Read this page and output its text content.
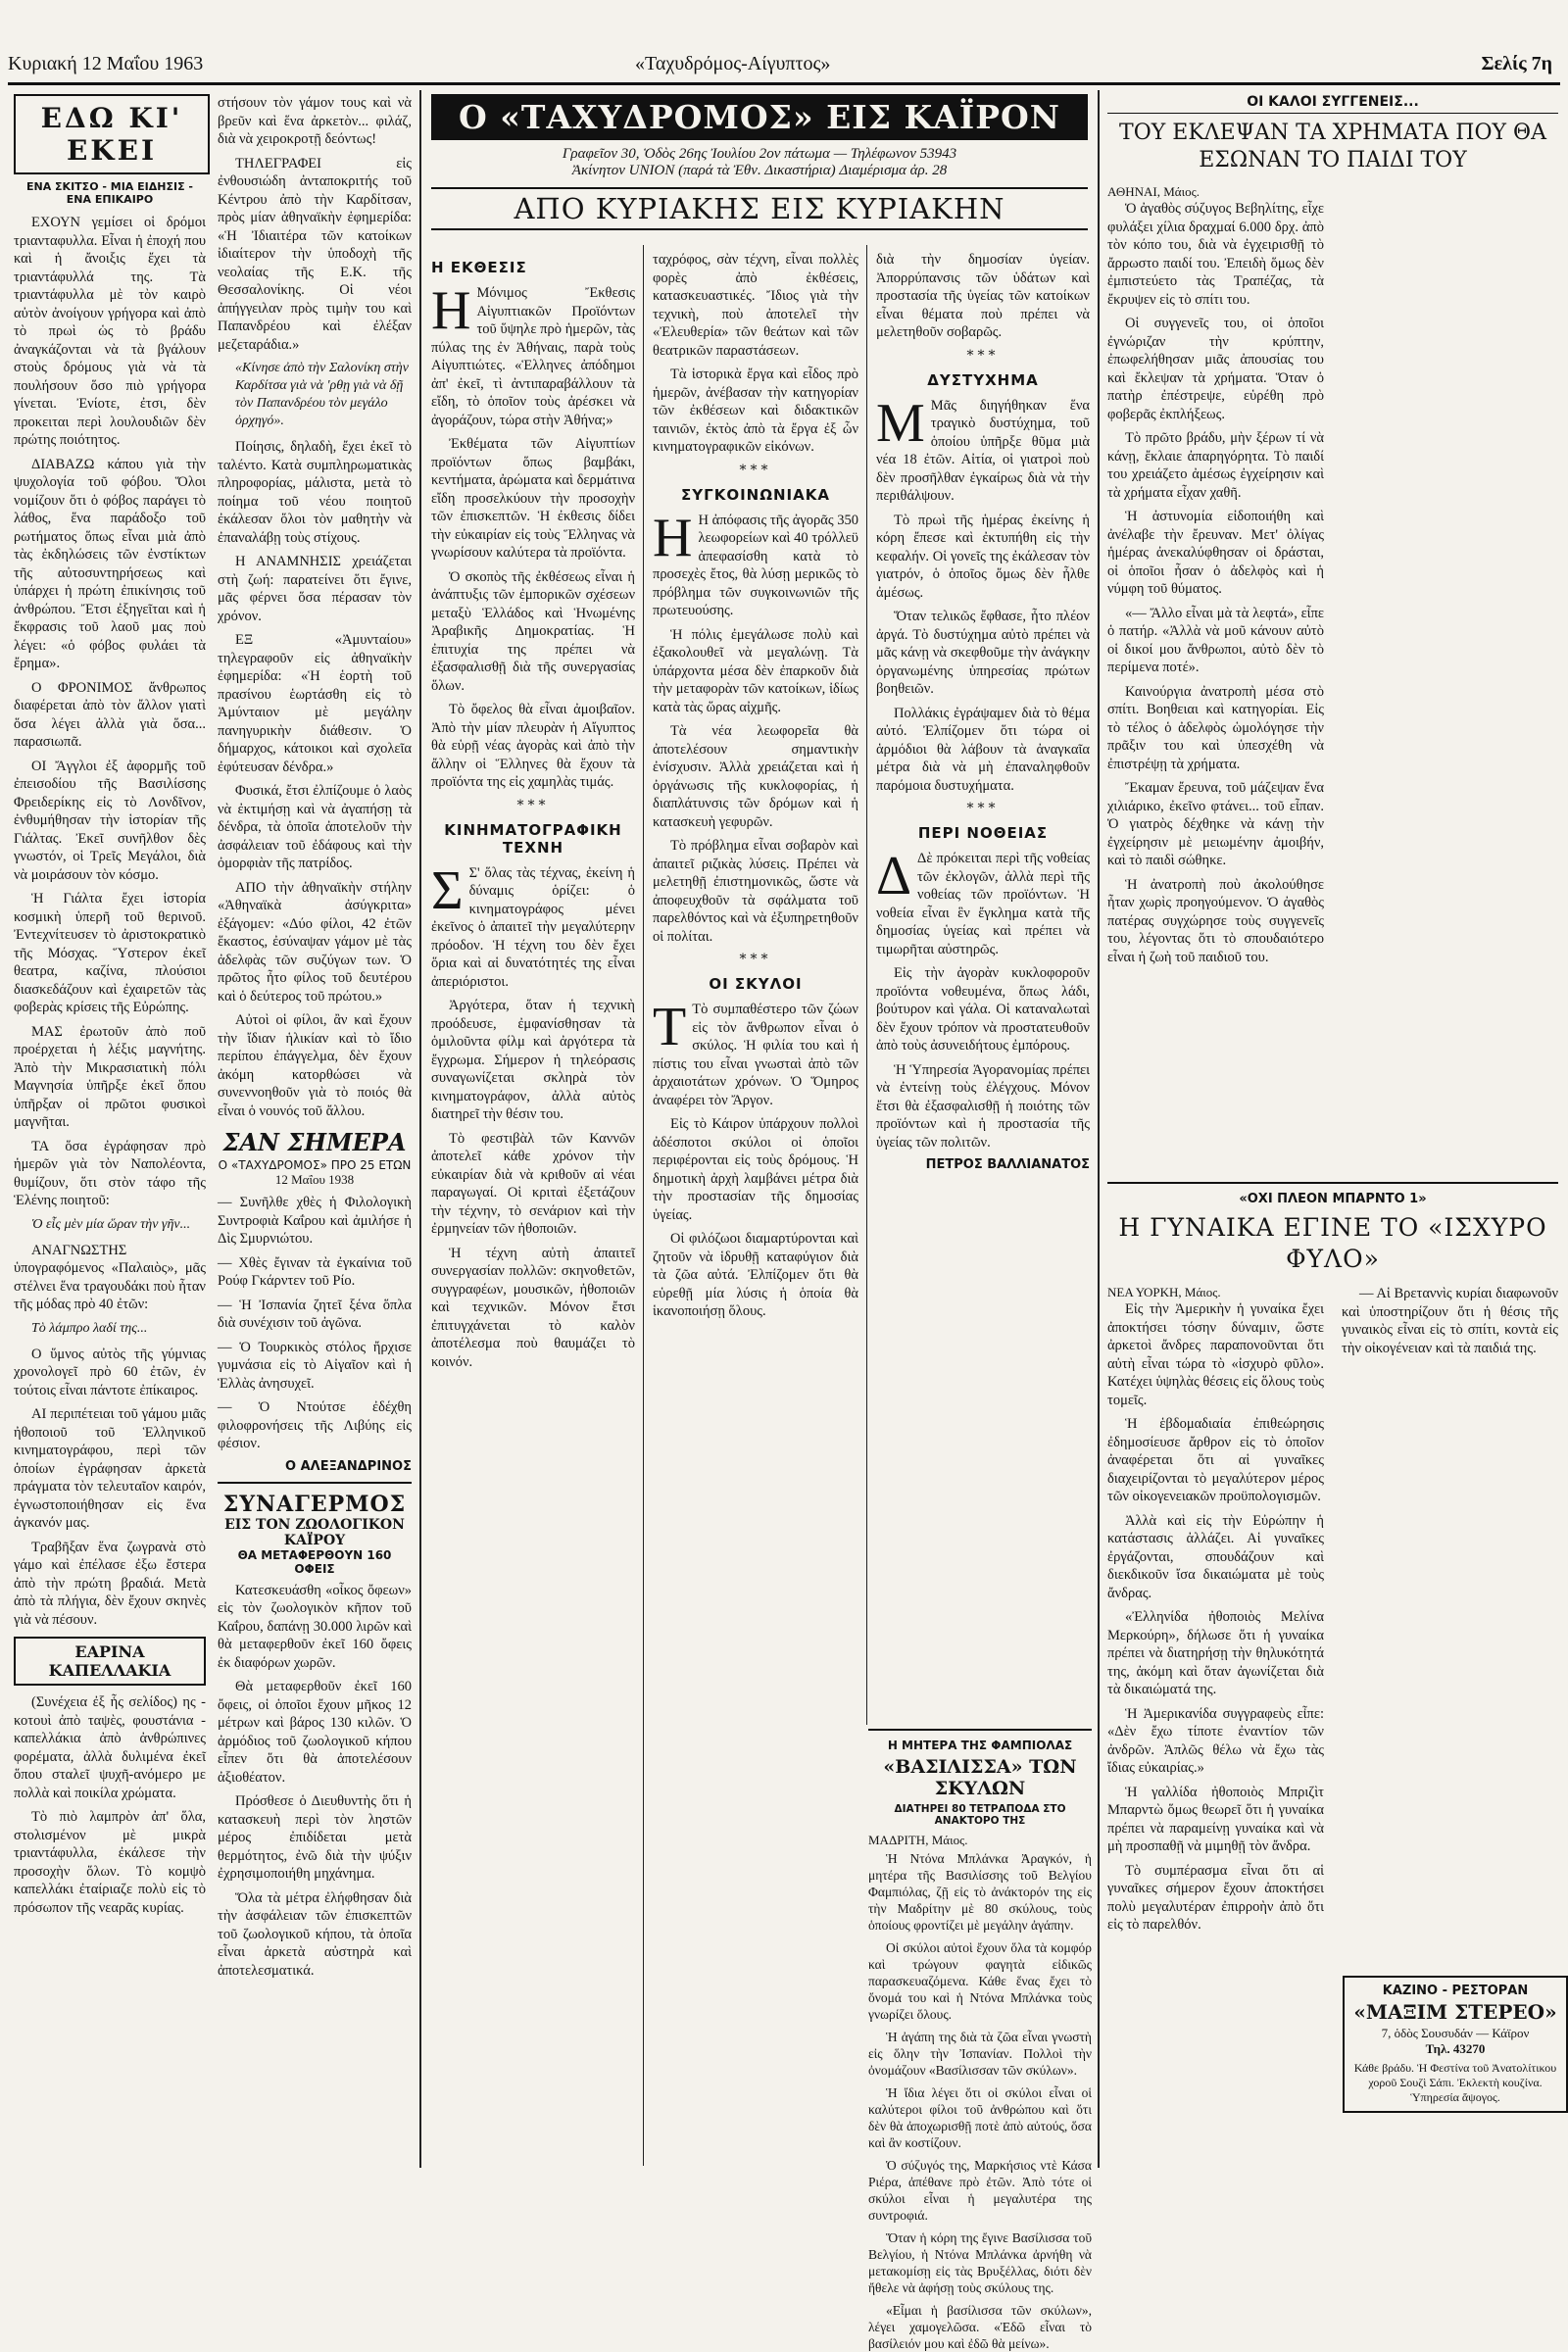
Κυριακή 12 Μαΐου 1963	«Ταχυδρόμος-Αίγυπτος»	Σελίς 7η
ΕΔΩ ΚΙ' ΕΚΕΙ
ΕΝΑ ΣΚΙΤΣΟ - ΜΙΑ ΕΙΔΗΣΙΣ - ΕΝΑ ΕΠΙΚΑΙΡΟ

ΕΧΟΥΝ γεμίσει οἱ δρόμοι τριανταφυλλα. Εἶναι ἡ ἐποχή που καὶ ἡ ἄνοιξις ἔχει τὰ τριαντάφυλλά της. Τὰ τριαντάφυλλα μὲ τὸν καιρὸ αὐτὸν ἀνοίγουν γρήγορα καὶ ἀπὸ τὸ πρωὶ ὡς τὸ βράδυ ἀναγκάζονται νὰ τὰ βγάλουν στοὺς δρόμους γιὰ νὰ τὰ πουλήσουν ὅσο πιὸ γρήγορα γίνεται. Ἐνίοτε, ἐτσι, δὲν προκειται περὶ λουλουδιῶν δὲν πρώτης ποιότητος.

ΔΙΑΒΑΖΩ κάπου γιὰ τὴν ψυχολογία τοῦ φόβου. Ὅλοι νομίζουν ὅτι ὁ φόβος παράγει τὸ λάθος, ἕνα παράδοξο τοῦ ρωτήματος ὅπως εἶναι μιὰ ἀπὸ τὰς ἐκδηλώσεις τῶν ἐνστίκτων τῆς αὐτοσυντηρήσεως καὶ ὑπάρχει ἡ πρώτη ἐπικίνησις τοῦ ἀνθρώπου. Ἔτσι ἐξηγεῖται καὶ ἡ ἔκφρασις τοῦ λαοῦ μας ποὺ λέγει: «ὁ φόβος φυλάει τὰ ἔρημα».

Ο ΦΡΟΝΙΜΟΣ ἄνθρωπος διαφέρεται ἀπὸ τὸν ἄλλον γιατὶ ὅσα λέγει ἀλλὰ γιὰ ὅσα... παρασιωπᾶ.

ΟΙ Ἄγγλοι ἐξ ἀφορμῆς τοῦ ἐπεισοδίου τῆς Βασιλίσσης Φρειδερίκης εἰς τὸ Λονδῖνον, ἐνθυμήθησαν τὴν ἱστορίαν τῆς Γιάλτας. Ἐκεῖ συνῆλθον δὲς γνωστόν, οἱ Τρεῖς Μεγάλοι, διὰ νὰ μοιράσουν τὸν κόσμο.

Ἡ Γιάλτα ἔχει ἱστορία κοσμικὴ ὑπερῆ τοῦ θερινοῦ. Ἐντεχνίτευσεν τὸ ἀριστοκρατικὸ τῆς Μόσχας. Ὕστερον ἐκεῖ θεατρα, καζίνα, πλούσιοι διασκεδάζουν καὶ ἐχαιρετῶν τὰς φοβερὰς κρίσεις τῆς Εὐρώπης.

ΜΑΣ ἐρωτοῦν ἀπὸ ποῦ προέρχεται ἡ λέξις μαγνήτης. Ἀπὸ τὴν Μικρασιατικὴ πόλι Μαγνησία ὑπῆρξε ἐκεῖ ὅπου ὑπῆρξαν οἱ πρῶτοι φυσικοὶ μαγνῆται.

ΤΑ ὅσα ἐγράφησαν πρὸ ἡμερῶν γιὰ τὸν Ναπολέοντα, θυμίζουν, ὅτι στὸν τάφο τῆς Ἑλένης ποιητοῦ:

Ὁ εἷς μὲν μία ὥραν τὴν γῆν...

ΑΝΑΓΝΩΣΤΗΣ ὑπογραφόμενος «Παλαιὸς», μᾶς στέλνει ἕνα τραγουδάκι ποὺ ἦταν τῆς μόδας πρὸ 40 ἐτῶν:

Τὸ λάμπρο λαδί της...

Ο ὕμνος αὐτὸς τῆς γύμνιας χρονολογεῖ πρὸ 60 ἐτῶν, ἐν τούτοις εἶναι πάντοτε ἐπίκαιρος.

ΑΙ περιπέτειαι τοῦ γάμου μιᾶς ἠθοποιοῦ τοῦ Ἑλληνικοῦ κινηματογράφου, περὶ τῶν ὁποίων ἐγράφησαν ἀρκετὰ πράγματα τὸν τελευταῖον καιρόν, ἐγνωστοποιήθησαν εἰς ἕνα ἀγκανόν μας.

Τραβῆξαν ἕνα ζωγρανὰ στὸ γάμο καὶ ἐπέλασε ἐξω ἔστερα ἀπὸ τὴν πρώτη βραδιά. Μετὰ ἀπὸ τὰ πλήγια, δὲν ἔχουν σκηνὲς γιὰ νὰ πέσουν.

ΕΑΡΙΝΑ ΚΑΠΕΛΛΑΚΙΑ

(Συνέχεια ἐξ ἧς σελίδος) ης - κοτουὶ ἀπὸ ταψὲς, φουστάνια - καπελλάκια ἀπὸ ἀνθρώπινες φορέματα, ἀλλὰ δυλιμένα ἐκεῖ ὅπου σταλεῖ ψυχῆ-ανόμερο με πολλὰ καὶ ποικίλα χρώματα.

Τὸ πιὸ λαμπρὸν ἀπ' ὅλα, στολισμένον μὲ μικρὰ τριαντάφυλλα, ἐκάλεσε τὴν προσοχὴν ὅλων. Τὸ κομψὸ καπελλάκι ἐταίριαζε πολὺ εἰς τὸ πρόσωπον τῆς νεαρᾶς κυρίας.

στήσουν τὸν γάμον τους καὶ νὰ βρεῦν καὶ ἕνα ἀρκετὸν... φιλάζ, διὰ νὰ χειροκροτῇ δεόντως!

ΤΗΛΕΓΡΑΦΕΙ εἰς ἐνθουσιώδη ἀνταποκριτής τοῦ Κέντρου ἀπὸ τὴν Καρδίτσαν, πρὸς μίαν ἀθηναϊκὴν ἐφημερίδα: «Ἡ Ἰδιαιτέρα τῶν κατοίκων ἰδιαίτερον τὴν ὑποδοχὴ τῆς νεολαίας τῆς Ε.Κ. τῆς Θεσσαλονίκης. Οἱ νέοι ἀπήγγειλαν πρὸς τιμὴν του καὶ Παπανδρέου καὶ ἐλέξαν μεζεταράδια.»

«Κίνησε ἀπὸ τὴν Σαλονίκη στὴν Καρδίτσα γιὰ νὰ 'ρθῃ γιὰ νὰ δῇ τὸν Παπανδρέου τὸν μεγάλο ὀρχηγό».

Ποίησις, δηλαδὴ, ἔχει ἐκεῖ τὸ ταλέντο. Κατὰ συμπληρωματικὰς πληροφορίας, μάλιστα, μετὰ τὸ ποίημα τοῦ νέου ποιητοῦ ἐκάλεσαν ὅλοι τὸν μαθητὴν νὰ ἐπαναλάβῃ τοὺς στίχους.

Η ΑΝΑΜΝΗΣΙΣ χρειάζεται στὴ ζωή: παρατείνει ὅτι ἔγινε, μᾶς φέρνει ὅσα πέρασαν τὸν χρόνον.

ΕΞ «Ἀμυνταίου» τηλεγραφοῦν εἰς ἀθηναϊκὴν ἐφημερίδα: «Ἡ ἑορτὴ τοῦ πρασίνου ἑωρτάσθη εἰς τὸ Ἀμύνταιον μὲ μεγάλην πανηγυρικὴν διάθεσιν. Ὁ δήμαρχος, κάτοικοι καὶ σχολεῖα ἐφύτευσαν δένδρα.»

Φυσικά, ἔτσι ἐλπίζουμε ὁ λαὸς νὰ ἐκτιμήσῃ καὶ νὰ ἀγαπήσῃ τὰ δένδρα, τὰ ὁποῖα ἀποτελοῦν τὴν ἀσφάλειαν τοῦ ἐδάφους καὶ τὴν ὀμορφιὰν τῆς πατρίδος.

ΑΠΟ τὴν ἀθηναϊκὴν στήλην «Ἀθηναϊκὰ ἀσύγκριτα» ἐξάγομεν: «Δύο φίλοι, 42 ἐτῶν ἕκαστος, ἐσύναψαν γάμον μὲ τὰς ἀδελφὰς τῶν συζύγων των. Ὁ πρῶτος ἦτο φίλος τοῦ δευτέρου καὶ ὁ δεύτερος τοῦ πρώτου.»

Αὐτοὶ οἱ φίλοι, ἂν καὶ ἔχουν τὴν ἴδιαν ἡλικίαν καὶ τὸ ἴδιο περίπου ἐπάγγελμα, δὲν ἔχουν ἀκόμη κατορθώσει νὰ συνεννοηθοῦν γιὰ τὸ ποιός θὰ εἶναι ὁ νουνός τοῦ ἄλλου.

ΣΑΝ ΣΗΜΕΡΑ
Ο «ΤΑΧΥΔΡΟΜΟΣ» ΠΡΟ 25 ΕΤΩΝ
12 Μαΐου 1938

— Συνῆλθε χθὲς ἡ Φιλολογικὴ Συντροφιὰ Καΐρου καὶ ἀμιλήσε ἡ Δὶς Σμυρνιώτου.

— Χθὲς ἔγιναν τὰ ἐγκαίνια τοῦ Ρούφ Γκάρντεν τοῦ Ρίο.

— Ἡ Ἰσπανία ζητεῖ ξένα ὅπλα διὰ συνέχισιν τοῦ ἀγῶνα.

— Ὁ Τουρκικὸς στόλος ἤρχισε γυμνάσια εἰς τὸ Αἰγαῖον καὶ ἡ Ἑλλὰς ἀνησυχεῖ.

— Ὁ Ντούτσε ἐδέχθη φιλοφρονήσεις τῆς Λιβύης εἰς φέσιον.

Ο ΑΛΕΞΑΝΔΡΙΝΟΣ
ΣΥΝΑΓΕΡΜΟΣ
ΕΙΣ ΤΟΝ ΖΩΟΛΟΓΙΚΟΝ ΚΑΪΡΟΥ
ΘΑ ΜΕΤΑΦΕΡΘΟΥΝ 160 ΟΦΕΙΣ

Κατεσκευάσθη «οἶκος ὄφεων» εἰς τὸν ζωολογικὸν κῆπον τοῦ Καΐρου, δαπάνῃ 30.000 λιρῶν καὶ θὰ μεταφερθοῦν ἐκεῖ 160 ὄφεις ἐκ διαφόρων χωρῶν.

Θὰ μεταφερθοῦν ἐκεῖ 160 ὄφεις, οἱ ὁποῖοι ἔχουν μῆκος 12 μέτρων καὶ βάρος 130 κιλῶν. Ὁ ἀρμόδιος τοῦ ζωολογικοῦ κήπου εἶπεν ὅτι θὰ ἀποτελέσουν ἀξιοθέατον.

Πρόσθεσε ὁ Διευθυντὴς ὅτι ἡ κατασκευὴ περὶ τὸν ληστῶν μέρος ἐπιδίδεται μετὰ θερμότητος, ἐνῶ διὰ τὴν ψύξιν ἐχρησιμοποιήθη μηχάνημα.

Ὅλα τὰ μέτρα ἐλήφθησαν διὰ τὴν ἀσφάλειαν τῶν ἐπισκεπτῶν τοῦ ζωολογικοῦ κήπου, τὰ ὁποῖα εἶναι ἀρκετὰ αὐστηρὰ καὶ ἀποτελεσματικά.

Ο «ΤΑΧΥΔΡΟΜΟΣ» ΕΙΣ ΚΑΪΡΟΝ
Γραφεῖον 30, Ὁδὸς 26ης Ἰουλίου 2ον πάτωμα — Τηλέφωνον 53943
Ἀκίνητον UNION (παρά τὰ Ἐθν. Δικαστήρια) Διαμέρισμα ἀρ. 28
ΑΠΟ ΚΥΡΙΑΚΗΣ ΕΙΣ ΚΥΡΙΑΚΗΝ
Η ΕΚΘΕΣΙΣ

Η Μόνιμος Ἔκθεσις Αἰγυπτιακῶν Προϊόντων τοῦ ὕψηλε πρὸ ἡμερῶν, τὰς πύλας της ἐν Ἀθήναις, παρὰ τοὺς Αἰγυπτιώτες. «Ἑλληνες ἀπόδημοι ἀπ' ἐκεῖ, τὶ ἀντιπαραβάλλουν τὰ εἴδη, τὸ ὁποῖον τοὺς ἀρέσκει νὰ ἀγοράζουν, τώρα στὴν Ἀθήνα;»

Ἐκθέματα τῶν Αἰγυπτίων προϊόντων ὅπως βαμβάκι, κεντήματα, ἀρώματα καὶ δερμάτινα εἴδη προσελκύουν τὴν προσοχὴν τῶν ἐπισκεπτῶν. Ἡ ἐκθεσις δίδει τὴν εὐκαιρίαν εἰς τοὺς Ἕλληνας νὰ γνωρίσουν καλύτερα τὰ προϊόντα.

Ὁ σκοπὸς τῆς ἐκθέσεως εἶναι ἡ ἀνάπτυξις τῶν ἐμπορικῶν σχέσεων μεταξὺ Ἑλλάδος καὶ Ἡνωμένης Ἀραβικῆς Δημοκρατίας. Ἡ ἐπιτυχία της πρέπει νὰ ἐξασφαλισθῇ διὰ τῆς συνεργασίας ὅλων.

Τὸ ὄφελος θὰ εἶναι ἀμοιβαῖον. Ἀπὸ τὴν μίαν πλευρὰν ἡ Αἴγυπτος θὰ εὑρῇ νέας ἀγορὰς καὶ ἀπὸ τὴν ἄλλην οἱ Ἕλληνες θὰ ἔχουν τὰ προϊόντα της εἰς χαμηλὰς τιμάς.

***
ΚΙΝΗΜΑΤΟΓΡΑΦΙΚΗ ΤΕΧΝΗ

Σ Σ' ὅλας τὰς τέχνας, ἐκείνη ἡ δύναμις ὁρίζει: ὁ κινηματογράφος μένει ἐκεῖνος ὁ ἀπαιτεῖ τὴν μεγαλύτερην πρόοδον. Ἡ τέχνη του δὲν ἔχει ὅρια καὶ αἱ δυνατότητές της εἶναι ἀπεριόριστοι.

Ἀργότερα, ὅταν ἡ τεχνικὴ προόδευσε, ἐμφανίσθησαν τὰ ὁμιλοῦντα φίλμ καὶ ἀργότερα τὰ ἔγχρωμα. Σήμερον ἡ τηλεόρασις συναγωνίζεται σκληρὰ τὸν κινηματογράφον, ἀλλὰ αὐτὸς διατηρεῖ τὴν θέσιν του.

Τὸ φεστιβὰλ τῶν Καννῶν ἀποτελεῖ κάθε χρόνον τὴν εὐκαιρίαν διὰ νὰ κριθοῦν αἱ νέαι παραγωγαί. Οἱ κριταὶ ἐξετάζουν τὴν τέχνην, τὸ σενάριον καὶ τὴν ἐρμηνείαν τῶν ἠθοποιῶν.

Ἡ τέχνη αὐτὴ ἀπαιτεῖ συνεργασίαν πολλῶν: σκηνοθετῶν, συγγραφέων, μουσικῶν, ἠθοποιῶν καὶ τεχνικῶν. Μόνον ἔτσι ἐπιτυγχάνεται τὸ καλὸν ἀποτέλεσμα ποὺ θαυμάζει τὸ κοινόν.

ταχρόφος, σὰν τέχνη, εἶναι πολλὲς φορὲς ἀπὸ ἐκθέσεις, κατασκευαστικές. Ἴδιος γιὰ τὴν τεχνικὴ, ποὺ ἀποτελεῖ τὴν «Ἐλευθερία» τῶν θεάτων καὶ τῶν θεατρικῶν παραστάσεων.

Τὰ ἱστορικὰ ἔργα καὶ εἶδος πρὸ ἡμερῶν, ἀνέβασαν τὴν κατηγορίαν τῶν ἐκθέσεων καὶ διδακτικῶν ταινιῶν, ἐκτὸς ἀπὸ τὰ ἔργα ἐξ ὧν κινηματογραφικῶν εἰκόνων.

***
ΣΥΓΚΟΙΝΩΝΙΑΚΑ

Η Η ἀπόφασις τῆς ἀγορᾶς 350 λεωφορείων καὶ 40 τρόλλεϋ ἀπεφασίσθη κατὰ τὸ προσεχὲς ἔτος, θὰ λύσῃ μερικῶς τὸ πρόβλημα τῶν συγκοινωνιῶν τῆς πρωτευούσης.

Ἡ πόλις ἐμεγάλωσε πολὺ καὶ ἐξακολουθεῖ νὰ μεγαλώνῃ. Τὰ ὑπάρχοντα μέσα δὲν ἐπαρκοῦν διὰ τὴν μεταφορὰν τῶν κατοίκων, ἰδίως κατὰ τὰς ὥρας αἰχμῆς.

Τὰ νέα λεωφορεῖα θὰ ἀποτελέσουν σημαντικὴν ἐνίσχυσιν. Ἀλλὰ χρειάζεται καὶ ἡ ὀργάνωσις τῆς κυκλοφορίας, ἡ διαπλάτυνσις τῶν δρόμων καὶ ἡ κατασκευὴ γεφυρῶν.

Τὸ πρόβλημα εἶναι σοβαρὸν καὶ ἀπαιτεῖ ριζικὰς λύσεις. Πρέπει νὰ μελετηθῇ ἐπιστημονικῶς, ὥστε νὰ ἀποφευχθοῦν τὰ σφάλματα τοῦ παρελθόντος καὶ νὰ ἐξυπηρετηθοῦν οἱ πολίται.

***
ΟΙ ΣΚΥΛΟΙ

Τ Τὸ συμπαθέστερο τῶν ζώων εἰς τὸν ἄνθρωπον εἶναι ὁ σκύλος. Ἡ φιλία του καὶ ἡ πίστις του εἶναι γνωσταὶ ἀπὸ τῶν ἀρχαιοτάτων χρόνων. Ὁ Ὅμηρος ἀναφέρει τὸν Ἄργον.

Εἰς τὸ Κάιρον ὑπάρχουν πολλοὶ ἀδέσποτοι σκύλοι οἱ ὁποῖοι περιφέρονται εἰς τοὺς δρόμους. Ἡ δημοτικὴ ἀρχὴ λαμβάνει μέτρα διὰ τὴν προστασίαν τῆς δημοσίας ὑγείας.

Οἱ φιλόζωοι διαμαρτύρονται καὶ ζητοῦν νὰ ἱδρυθῇ καταφύγιον διὰ τὰ ζῶα αὐτά. Ἐλπίζομεν ὅτι θὰ εὑρεθῇ μία λύσις ἡ ὁποία θὰ ἱκανοποιήσῃ ὅλους.

διὰ τὴν δημοσίαν ὑγείαν. Ἀπορρύπανσις τῶν ὑδάτων καὶ προστασία τῆς ὑγείας τῶν κατοίκων εἶναι θέματα ποὺ πρέπει νὰ μελετηθοῦν σοβαρῶς.

***
ΔΥΣΤΥΧΗΜΑ

Μ Μᾶς διηγήθηκαν ἕνα τραγικὸ δυστύχημα, τοῦ ὁποίου ὑπῆρξε θῦμα μιὰ νέα 18 ἐτῶν. Αἰτία, οἱ γιατροὶ ποὺ δὲν προσῆλθαν ἐγκαίρως διὰ νὰ τὴν περιθάλψουν.

Τὸ πρωὶ τῆς ἡμέρας ἐκείνης ἡ κόρη ἔπεσε καὶ ἐκτυπήθη εἰς τὴν κεφαλήν. Οἱ γονεῖς της ἐκάλεσαν τὸν γιατρόν, ὁ ὁποῖος ὅμως δὲν ἦλθε ἀμέσως.

Ὅταν τελικῶς ἔφθασε, ἦτο πλέον ἀργά. Τὸ δυστύχημα αὐτὸ πρέπει νὰ μᾶς κάνῃ νὰ σκεφθοῦμε τὴν ἀνάγκην ὀργανωμένης ὑπηρεσίας πρώτων βοηθειῶν.

Πολλάκις ἐγράψαμεν διὰ τὸ θέμα αὐτό. Ἐλπίζομεν ὅτι τώρα οἱ ἁρμόδιοι θὰ λάβουν τὰ ἀναγκαῖα μέτρα διὰ νὰ μὴ ἐπαναληφθοῦν παρόμοια δυστυχήματα.

***
ΠΕΡΙ ΝΟΘΕΙΑΣ

Δ Δὲ πρόκειται περὶ τῆς νοθείας τῶν ἐκλογῶν, ἀλλὰ περὶ τῆς νοθείας τῶν προϊόντων. Ἡ νοθεία εἶναι ἓν ἔγκλημα κατὰ τῆς δημοσίας ὑγείας καὶ πρέπει νὰ τιμωρῆται αὐστηρῶς.

Εἰς τὴν ἀγορὰν κυκλοφοροῦν προϊόντα νοθευμένα, ὅπως λάδι, βούτυρον καὶ γάλα. Οἱ καταναλωταὶ δὲν ἔχουν τρόπον νὰ προστατευθοῦν ἀπὸ τοὺς ἀσυνειδήτους ἐμπόρους.

Ἡ Ὑπηρεσία Ἀγορανομίας πρέπει νὰ ἐντείνῃ τοὺς ἐλέγχους. Μόνον ἔτσι θὰ ἐξασφαλισθῇ ἡ ποιότης τῶν προϊόντων καὶ ἡ προστασία τῆς ὑγείας τῶν πολιτῶν.

ΠΕΤΡΟΣ ΒΑΛΛΙΑΝΑΤΟΣ
Η ΜΗΤΕΡΑ ΤΗΣ ΦΑΜΠΙΟΛΑΣ
«ΒΑΣΙΛΙΣΣΑ» ΤΩΝ ΣΚΥΛΩΝ
ΔΙΑΤΗΡΕΙ 80 ΤΕΤΡΑΠΟΔΑ ΣΤΟ ΑΝΑΚΤΟΡΟ ΤΗΣ
ΜΑΔΡΙΤΗ, Μάιος.

Ἡ Ντόνα Μπλάνκα Ἀραγκόν, ἡ μητέρα τῆς Βασιλίσσης τοῦ Βελγίου Φαμπιόλας, ζῇ εἰς τὸ ἀνάκτορόν της εἰς τὴν Μαδρίτην μὲ 80 σκύλους, τοὺς ὁποίους φροντίζει μὲ μεγάλην ἀγάπην.

Οἱ σκύλοι αὐτοὶ ἔχουν ὅλα τὰ κομφόρ καὶ τρώγουν φαγητὰ εἰδικῶς παρασκευαζόμενα. Κάθε ἕνας ἔχει τὸ ὄνομά του καὶ ἡ Ντόνα Μπλάνκα τοὺς γνωρίζει ὅλους.

Ἡ ἀγάπη της διὰ τὰ ζῶα εἶναι γνωστὴ εἰς ὅλην τὴν Ἰσπανίαν. Πολλοὶ τὴν ὀνομάζουν «Βασίλισσαν τῶν σκύλων».

Ἡ ἴδια λέγει ὅτι οἱ σκύλοι εἶναι οἱ καλύτεροι φίλοι τοῦ ἀνθρώπου καὶ ὅτι δὲν θὰ ἀποχωρισθῇ ποτὲ ἀπὸ αὐτούς, ὅσα καὶ ἂν κοστίζουν.

Ὁ σύζυγός της, Μαρκήσιος ντὲ Κάσα Ριέρα, ἀπέθανε πρὸ ἐτῶν. Ἀπὸ τότε οἱ σκύλοι εἶναι ἡ μεγαλυτέρα της συντροφιά.

Ὅταν ἡ κόρη της ἔγινε Βασίλισσα τοῦ Βελγίου, ἡ Ντόνα Μπλάνκα ἀρνήθη νὰ μετακομίσῃ εἰς τὰς Βρυξέλλας, διότι δὲν ἤθελε νὰ ἀφήσῃ τοὺς σκύλους της.

«Εἶμαι ἡ βασίλισσα τῶν σκύλων», λέγει χαμογελῶσα. «Ἐδῶ εἶναι τὸ βασίλειόν μου καὶ ἐδῶ θὰ μείνω».

ΟΙ ΚΑΛΟΙ ΣΥΓΓΕΝΕΙΣ...
ΤΟΥ ΕΚΛΕΨΑΝ ΤΑ ΧΡΗΜΑΤΑ ΠΟΥ ΘΑ ΕΣΩΝΑΝ ΤΟ ΠΑΙΔΙ ΤΟΥ
ΑΘΗΝΑΙ, Μάιος.

Ὁ ἀγαθὸς σύζυγος Βεβηλίτης, εἶχε φυλάξει χίλια δραχμαί 6.000 δρχ. ἀπὸ τὸν κόπο του, διὰ νὰ ἐγχειρισθῇ τὸ ἄρρωστο παιδί του. Ἐπειδὴ ὅμως δὲν ἐμπιστεύετο τὰς Τραπέζας, τὰ ἔκρυψεν εἰς τὸ σπίτι του.

Οἱ συγγενεῖς του, οἱ ὁποῖοι ἐγνώριζαν τὴν κρύπτην, ἐπωφελήθησαν μιᾶς ἀπουσίας του καὶ ἔκλεψαν τὰ χρήματα. Ὅταν ὁ πατὴρ ἐπέστρεψε, εὑρέθη πρὸ φοβερᾶς ἐκπλήξεως.

Τὸ πρῶτο βράδυ, μὴν ξέρων τί νὰ κάνῃ, ἔκλαιε ἀπαρηγόρητα. Τὸ παιδί του χρειάζετο ἀμέσως ἐγχείρησιν καὶ τὰ χρήματα εἶχαν χαθῆ.

Ἡ ἀστυνομία εἰδοποιήθη καὶ ἀνέλαβε τὴν ἔρευναν. Μετ' ὀλίγας ἡμέρας ἀνεκαλύφθησαν οἱ δράσται, οἱ ὁποῖοι ἦσαν ὁ ἀδελφὸς καὶ ἡ νύμφη τοῦ θύματος.

«— Ἄλλο εἶναι μὰ τὰ λεφτά», εἶπε ὁ πατήρ. «Ἀλλὰ νὰ μοῦ κάνουν αὐτὸ οἱ δικοί μου ἄνθρωποι, αὐτὸ δὲν τὸ περίμενα ποτέ».

Καινούργια ἀνατροπὴ μέσα στὸ σπίτι. Βοηθειαι καὶ κατηγορίαι. Εἰς τὸ τέλος ὁ ἀδελφὸς ὡμολόγησε τὴν πρᾶξιν του καὶ ὑπεσχέθη νὰ ἐπιστρέψῃ τὰ χρήματα.

Ἔκαμαν ἔρευνα, τοῦ μάζεψαν ἕνα χιλιάρικο, ἐκεῖνο φτάνει... τοῦ εἶπαν. Ὁ γιατρὸς δέχθηκε νὰ κάνῃ τὴν ἐγχείρησιν μὲ μειωμένην ἀμοιβήν, καὶ τὸ παιδὶ σώθηκε.

Ἡ ἀνατροπὴ ποὺ ἀκολούθησε ἦταν χωρὶς προηγούμενον. Ὁ ἀγαθὸς πατέρας συγχώρησε τοὺς συγγενεῖς του, λέγοντας ὅτι τὸ σπουδαιότερο εἶναι ἡ ζωὴ τοῦ παιδιοῦ του.

«ΟΧΙ ΠΛΕΟΝ ΜΠΑΡΝΤΟ 1»
Η ΓΥΝΑΙΚΑ ΕΓΙΝΕ ΤΟ «ΙΣΧΥΡΟ ΦΥΛΟ»
ΝΕΑ ΥΟΡΚΗ, Μάιος.

Εἰς τὴν Ἀμερικὴν ἡ γυναίκα ἔχει ἀποκτήσει τόσην δύναμιν, ὥστε ἀρκετοὶ ἄνδρες παραπονοῦνται ὅτι αὐτὴ εἶναι τώρα τὸ «ἰσχυρὸ φῦλο». Κατέχει ὑψηλὰς θέσεις εἰς ὅλους τοὺς τομεῖς.

Ἡ ἑβδομαδιαία ἐπιθεώρησις ἐδημοσίευσε ἄρθρον εἰς τὸ ὁποῖον ἀναφέρεται ὅτι αἱ γυναῖκες διαχειρίζονται τὸ μεγαλύτερον μέρος τῶν οἰκογενειακῶν προϋπολογισμῶν.

Ἀλλὰ καὶ εἰς τὴν Εὐρώπην ἡ κατάστασις ἀλλάζει. Αἱ γυναῖκες ἐργάζονται, σπουδάζουν καὶ διεκδικοῦν ἴσα δικαιώματα μὲ τοὺς ἄνδρας.

«Ἐλληνίδα ἠθοποιὸς Μελίνα Μερκούρη», δήλωσε ὅτι ἡ γυναίκα πρέπει νὰ διατηρήσῃ τὴν θηλυκότητά της, ἀκόμη καὶ ὅταν ἀγωνίζεται διὰ τὰ δικαιώματά της.

Ἡ Ἀμερικανίδα συγγραφεὺς εἶπε: «Δὲν ἔχω τίποτε ἐναντίον τῶν ἀνδρῶν. Ἁπλῶς θέλω νὰ ἔχω τὰς ἴδιας εὐκαιρίας.»

Ἡ γαλλίδα ἠθοποιὸς Μπριζὶτ Μπαρντὼ ὅμως θεωρεῖ ὅτι ἡ γυναίκα πρέπει νὰ παραμείνῃ γυναίκα καὶ νὰ μὴ προσπαθῇ νὰ μιμηθῇ τὸν ἄνδρα.

Τὸ συμπέρασμα εἶναι ὅτι αἱ γυναῖκες σήμερον ἔχουν ἀποκτήσει πολὺ μεγαλυτέραν ἐπιρροὴν ἀπὸ ὅτι εἰς τὸ παρελθόν.

— Αἱ Βρεταννὶς κυρίαι διαφωνοῦν καὶ ὑποστηρίζουν ὅτι ἡ θέσις τῆς γυναικὸς εἶναι εἰς τὸ σπίτι, κοντὰ εἰς τὴν οἰκογένειαν καὶ τὰ παιδιά της.

ΚΑΖΙΝΟ - ΡΕΣΤΟΡΑΝ
«ΜΑΞΙΜ ΣΤΕΡΕΟ»
7, ὁδὸς Σουσυδάν — Κάϊρον
Τηλ. 43270
Κάθε βράδυ. Ἡ Φεστίνα τοῦ Ἀνατολίτικου χοροῦ Σουζὶ Σάπι. Ἐκλεκτὴ κουζίνα. Ὑπηρεσία ἄψογος.
